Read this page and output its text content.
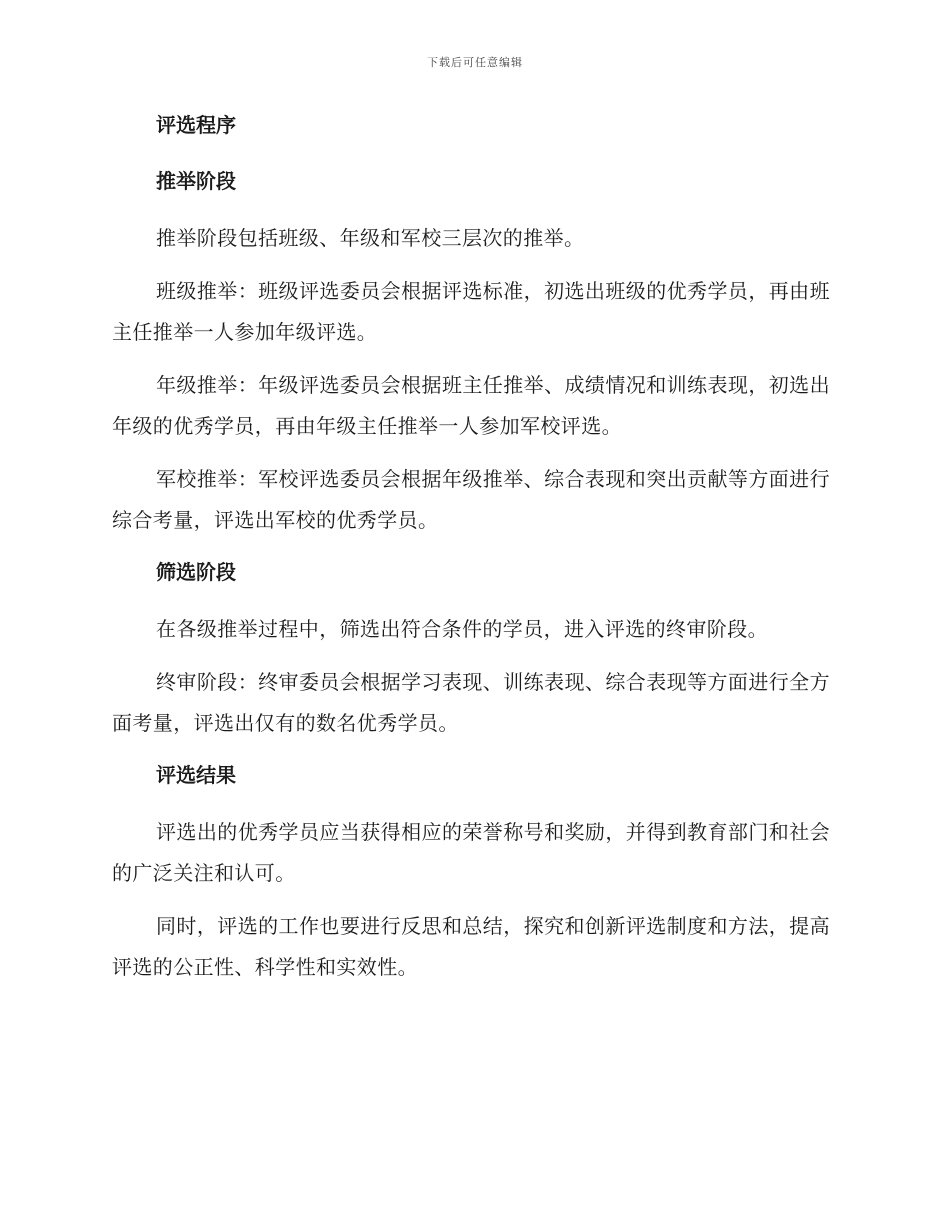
下载后可任意编辑
评选程序
推举阶段

推举阶段包括班级、年级和军校三层次的推举。

班级推举：班级评选委员会根据评选标准，初选出班级的优秀学员，再由班主任推举一人参加年级评选。

年级推举：年级评选委员会根据班主任推举、成绩情况和训练表现，初选出年级的优秀学员，再由年级主任推举一人参加军校评选。

军校推举：军校评选委员会根据年级推举、综合表现和突出贡献等方面进行综合考量，评选出军校的优秀学员。

筛选阶段

在各级推举过程中，筛选出符合条件的学员，进入评选的终审阶段。

终审阶段：终审委员会根据学习表现、训练表现、综合表现等方面进行全方面考量，评选出仅有的数名优秀学员。

评选结果

评选出的优秀学员应当获得相应的荣誉称号和奖励，并得到教育部门和社会的广泛关注和认可。

同时，评选的工作也要进行反思和总结，探究和创新评选制度和方法，提高评选的公正性、科学性和实效性。
